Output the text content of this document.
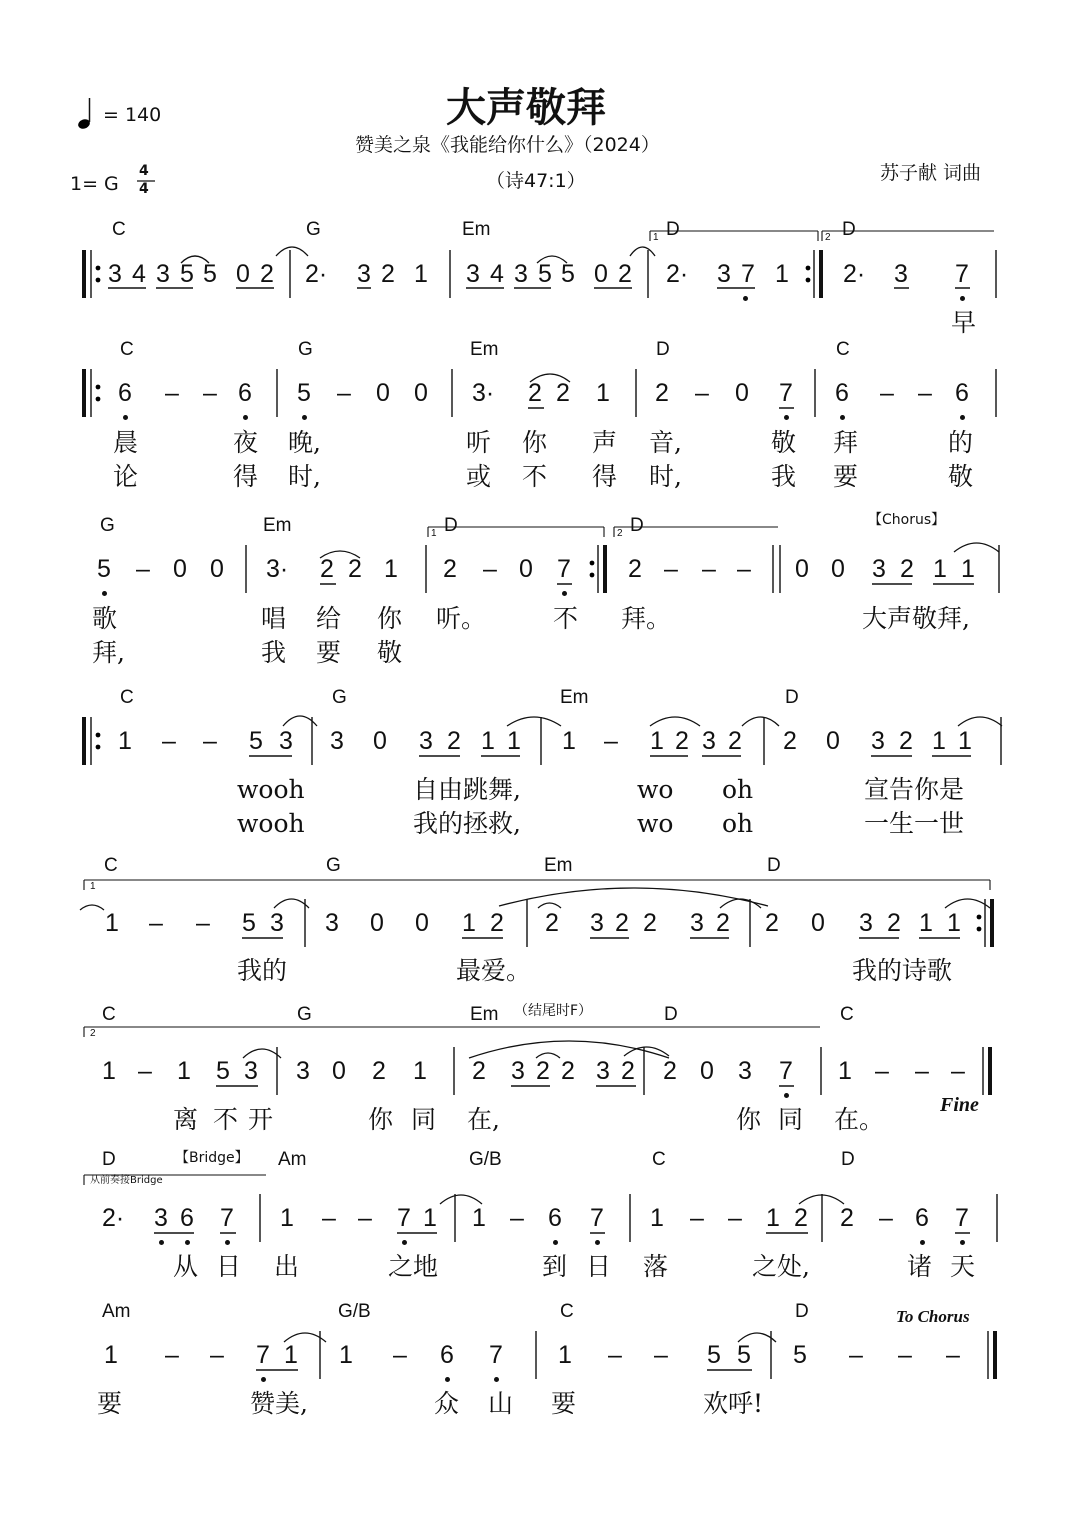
大声敬拜
赞美之泉《我能给你什么》（2024）
（诗47:1）	苏子献 词曲
= 140
1= G
4
4
C	G	Em	D	D
3 4 3 5 5 0 2 2· 3 2 1 3 4 3 5 5 0 2 2· 3 7 1 2· 3 7
1	2
早
C	G	Em	D	C
6 – – 6 5 – 0 0 3· 2 2 1 2 – 0 7 6 – – 6
晨	夜 晚,	听 你 声 音,	敬 拜	的
论	得 时,	或 不 得 时,	我 要	敬
G	Em	D	D	【Chorus】
5 – 0 0 3· 2 2 1 2 – 0 7 2 – – – 0 0 3 2 1 1
1	2
歌	唱 给 你 听。	不 拜。	大声敬拜,
拜,	我 要 敬
C	G	Em	D
1 – – 5 3 3 0 3 2 1 1 1 – 1 2 3 2 2 0 3 2 1 1
wooh	自由跳舞,	wo oh	宣告你是
wooh	我的拯救,	wo oh	一生一世
C	G	Em	D
1
1 – – 5 3 3 0 0 1 2 2 3 2 2 3 2 2 0 3 2 1 1
我的	最爱。	我的诗歌
C	G	Em	D	C
（结尾时F）
2
1 – 1 5 3 3 0 2 1 2 3 2 2 3 2 2 0 3 7 1 – – –
离 不 开	你 同 在,	你 同 在。	Fine
D	Am	G/B	C	D
【Bridge】
从前奏接Bridge
2· 3 6 7 1 – – 7 1 1 – 6 7 1 – – 1 2 2 – 6 7
从 日 出	之地	到 日 落	之处,	诸 天
Am	G/B	C	D	To Chorus
1 – – 7 1 1 – 6 7 1 – – 5 5 5 – – –
要	赞美,	众 山 要	欢呼!
